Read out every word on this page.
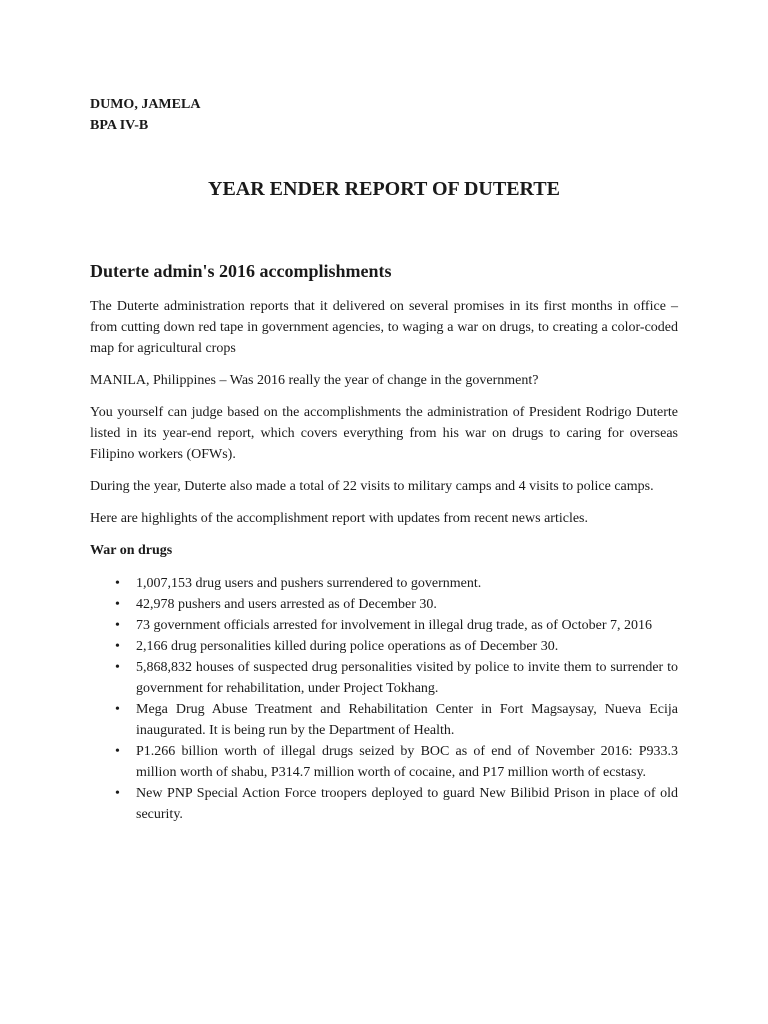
DUMO, JAMELA
BPA IV-B
YEAR ENDER REPORT OF DUTERTE
Duterte admin's 2016 accomplishments

The Duterte administration reports that it delivered on several promises in its first months in office – from cutting down red tape in government agencies, to waging a war on drugs, to creating a color-coded map for agricultural crops

MANILA, Philippines – Was 2016 really the year of change in the government?

You yourself can judge based on the accomplishments the administration of President Rodrigo Duterte listed in its year-end report, which covers everything from his war on drugs to caring for overseas Filipino workers (OFWs).

During the year, Duterte also made a total of 22 visits to military camps and 4 visits to police camps.

Here are highlights of the accomplishment report with updates from recent news articles.

War on drugs
• 1,007,153 drug users and pushers surrendered to government.
• 42,978 pushers and users arrested as of December 30.
• 73 government officials arrested for involvement in illegal drug trade, as of October 7, 2016
• 2,166 drug personalities killed during police operations as of December 30.
• 5,868,832 houses of suspected drug personalities visited by police to invite them to surrender to government for rehabilitation, under Project Tokhang.
• Mega Drug Abuse Treatment and Rehabilitation Center in Fort Magsaysay, Nueva Ecija inaugurated. It is being run by the Department of Health.
• P1.266 billion worth of illegal drugs seized by BOC as of end of November 2016: P933.3 million worth of shabu, P314.7 million worth of cocaine, and P17 million worth of ecstasy.
• New PNP Special Action Force troopers deployed to guard New Bilibid Prison in place of old security.
